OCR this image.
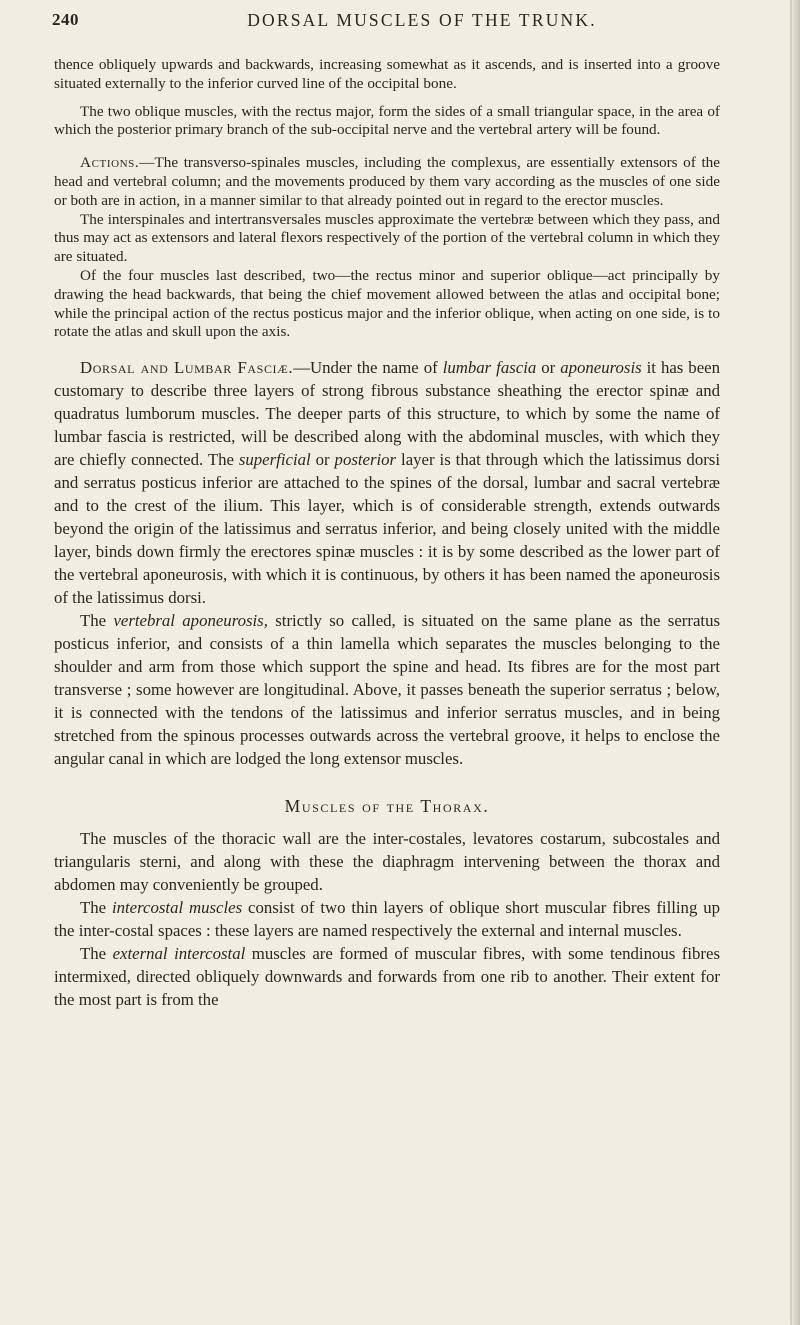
240	DORSAL MUSCLES OF THE TRUNK.

thence obliquely upwards and backwards, increasing somewhat as it ascends, and is inserted into a groove situated externally to the inferior curved line of the occipital bone.

The two oblique muscles, with the rectus major, form the sides of a small triangular space, in the area of which the posterior primary branch of the sub-occipital nerve and the vertebral artery will be found.

Actions.—The transverso-spinales muscles, including the complexus, are essentially extensors of the head and vertebral column; and the movements produced by them vary according as the muscles of one side or both are in action, in a manner similar to that already pointed out in regard to the erector muscles.

The interspinales and intertransversales muscles approximate the vertebræ between which they pass, and thus may act as extensors and lateral flexors respectively of the portion of the vertebral column in which they are situated.

Of the four muscles last described, two—the rectus minor and superior oblique—act principally by drawing the head backwards, that being the chief movement allowed between the atlas and occipital bone; while the principal action of the rectus posticus major and the inferior oblique, when acting on one side, is to rotate the atlas and skull upon the axis.

Dorsal and Lumbar Fasciæ.—Under the name of lumbar fascia or aponeurosis it has been customary to describe three layers of strong fibrous substance sheathing the erector spinæ and quadratus lumborum muscles. The deeper parts of this structure, to which by some the name of lumbar fascia is restricted, will be described along with the abdominal muscles, with which they are chiefly connected. The superficial or posterior layer is that through which the latissimus dorsi and serratus posticus inferior are attached to the spines of the dorsal, lumbar and sacral vertebræ and to the crest of the ilium. This layer, which is of considerable strength, extends outwards beyond the origin of the latissimus and serratus inferior, and being closely united with the middle layer, binds down firmly the erectores spinæ muscles : it is by some described as the lower part of the vertebral aponeurosis, with which it is continuous, by others it has been named the aponeurosis of the latissimus dorsi.

The vertebral aponeurosis, strictly so called, is situated on the same plane as the serratus posticus inferior, and consists of a thin lamella which separates the muscles belonging to the shoulder and arm from those which support the spine and head. Its fibres are for the most part transverse ; some however are longitudinal. Above, it passes beneath the superior serratus ; below, it is connected with the tendons of the latissimus and inferior serratus muscles, and in being stretched from the spinous processes outwards across the vertebral groove, it helps to enclose the angular canal in which are lodged the long extensor muscles.

Muscles of the Thorax.

The muscles of the thoracic wall are the inter-costales, levatores costarum, subcostales and triangularis sterni, and along with these the diaphragm intervening between the thorax and abdomen may conveniently be grouped.

The intercostal muscles consist of two thin layers of oblique short muscular fibres filling up the inter-costal spaces : these layers are named respectively the external and internal muscles.

The external intercostal muscles are formed of muscular fibres, with some tendinous fibres intermixed, directed obliquely downwards and forwards from one rib to another. Their extent for the most part is from the
